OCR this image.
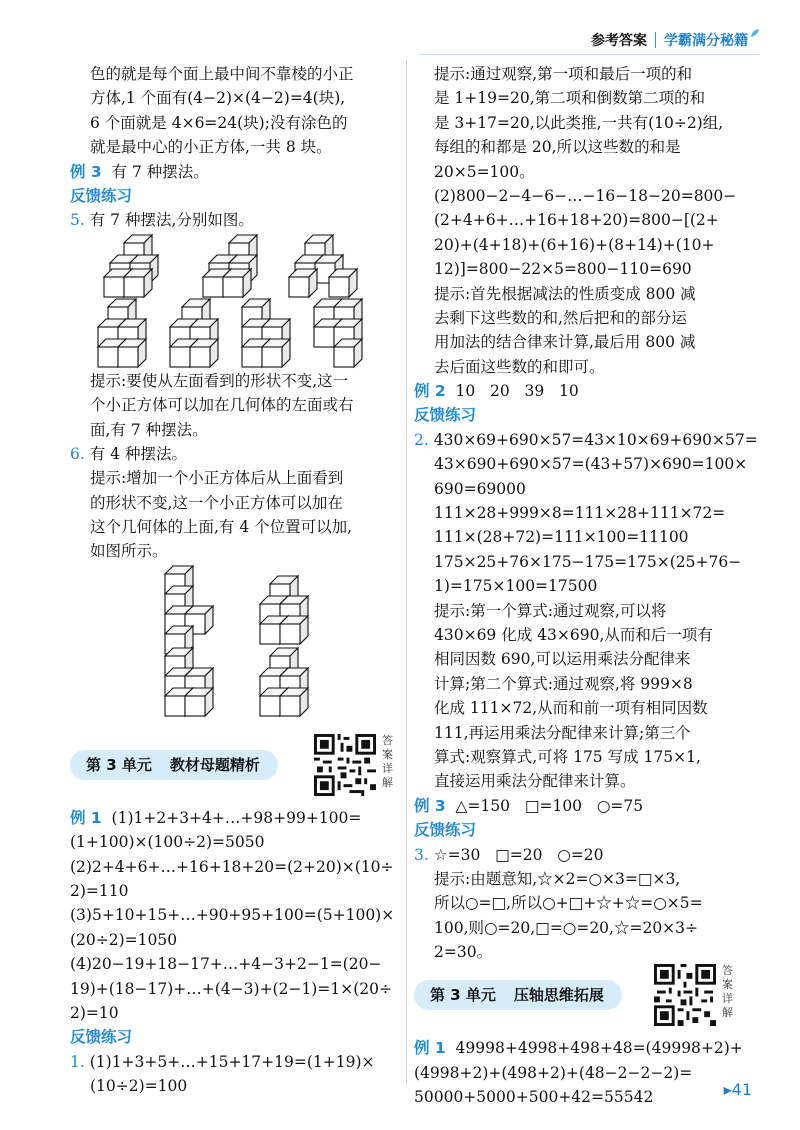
参考答案	学霸满分秘籍
色的就是每个面上最中间不靠棱的小正
方体,1 个面有(4−2)×(4−2)=4(块),
6 个面就是 4×6=24(块);没有涂色的
就是最中心的小正方体,一共 8 块。
例 3 有 7 种摆法。
反馈练习
5. 有 7 种摆法,分别如图。
提示:要使从左面看到的形状不变,这一
个小正方体可以加在几何体的左面或右
面,有 7 种摆法。
6. 有 4 种摆法。
提示:增加一个小正方体后从上面看到
的形状不变,这一个小正方体可以加在
这个几何体的上面,有 4 个位置可以加,
如图所示。
第 3 单元 教材母题精析
答案详解
例 1 (1)1+2+3+4+…+98+99+100=
(1+100)×(100÷2)=5050
(2)2+4+6+…+16+18+20=(2+20)×(10÷
2)=110
(3)5+10+15+…+90+95+100=(5+100)×
(20÷2)=1050
(4)20−19+18−17+…+4−3+2−1=(20−
19)+(18−17)+…+(4−3)+(2−1)=1×(20÷
2)=10
反馈练习
1. (1)1+3+5+…+15+17+19=(1+19)×
(10÷2)=100
提示:通过观察,第一项和最后一项的和
是 1+19=20,第二项和倒数第二项的和
是 3+17=20,以此类推,一共有(10÷2)组,
每组的和都是 20,所以这些数的和是
20×5=100。
(2)800−2−4−6−…−16−18−20=800−
(2+4+6+…+16+18+20)=800−[(2+
20)+(4+18)+(6+16)+(8+14)+(10+
12)]=800−22×5=800−110=690
提示:首先根据减法的性质变成 800 减
去剩下这些数的和,然后把和的部分运
用加法的结合律来计算,最后用 800 减
去后面这些数的和即可。
例 2 10   20   39   10
反馈练习
2. 430×69+690×57=43×10×69+690×57=
43×690+690×57=(43+57)×690=100×
690=69000
111×28+999×8=111×28+111×72=
111×(28+72)=111×100=11100
175×25+76×175−175=175×(25+76−
1)=175×100=17500
提示:第一个算式:通过观察,可以将
430×69 化成 43×690,从而和后一项有
相同因数 690,可以运用乘法分配律来
计算;第二个算式:通过观察,将 999×8
化成 111×72,从而和前一项有相同因数
111,再运用乘法分配律来计算;第三个
算式:观察算式,可将 175 写成 175×1,
直接运用乘法分配律来计算。
例 3 △=150   □=100   ○=75
反馈练习
3. ☆=30   □=20   ○=20
提示:由题意知,☆×2=○×3=□×3,
所以○=□,所以○+□+☆+☆=○×5=
100,则○=20,□=○=20,☆=20×3÷
2=30。
第 3 单元 压轴思维拓展
答案详解
例 1 49998+4998+498+48=(49998+2)+
(4998+2)+(498+2)+(48−2−2−2)=
50000+5000+500+42=55542	▸41
